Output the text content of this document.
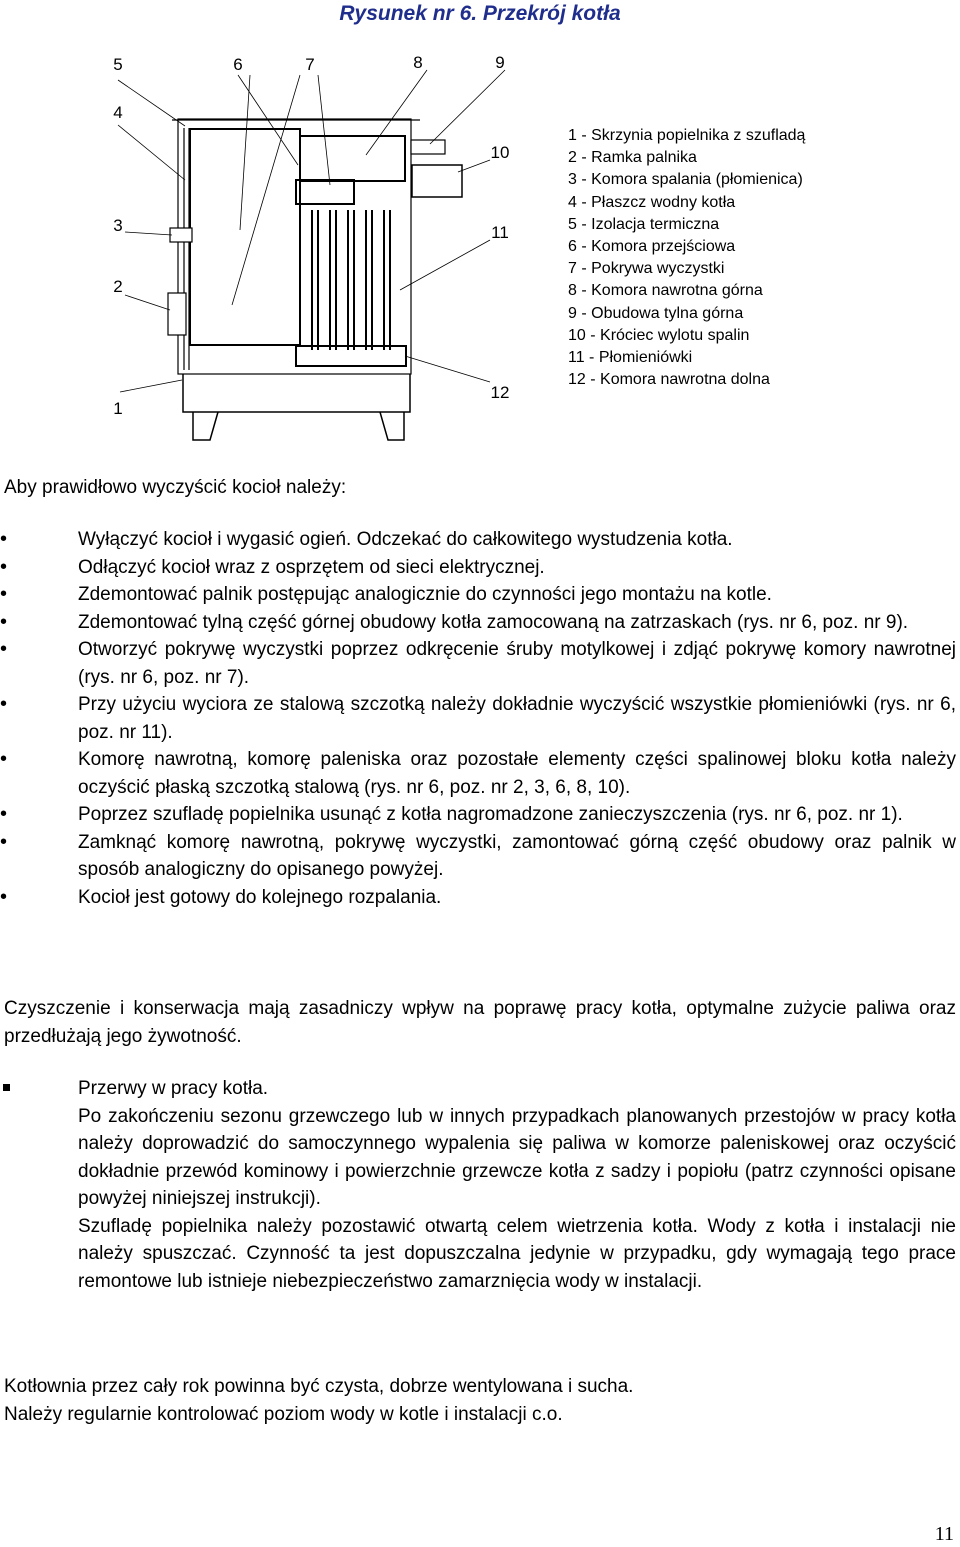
Rysunek nr 6. Przekrój kotła
5
4
3
2
1
6	7	8	9
10
11
12
1 - Skrzynia popielnika z szufladą
2 - Ramka palnika
3 - Komora spalania (płomienica)
4 - Płaszcz wodny kotła
5 - Izolacja termiczna
6 - Komora przejściowa
7 - Pokrywa wyczystki
8 - Komora nawrotna górna
9 - Obudowa tylna górna
10 - Króciec wylotu spalin
11 - Płomieniówki
12 - Komora nawrotna dolna
Aby prawidłowo wyczyścić kocioł należy:
•	Wyłączyć kocioł i wygasić ogień. Odczekać do całkowitego wystudzenia kotła.
•	Odłączyć kocioł wraz z osprzętem od sieci elektrycznej.
•	Zdemontować palnik postępując analogicznie do czynności jego montażu na kotle.
•	Zdemontować tylną część górnej obudowy kotła zamocowaną na zatrzaskach (rys. nr 6, poz. nr 9).
•	Otworzyć pokrywę wyczystki poprzez odkręcenie śruby motylkowej i zdjąć pokrywę komory nawrotnej (rys. nr 6, poz. nr 7).
•	Przy użyciu wyciora ze stalową szczotką należy dokładnie wyczyścić wszystkie płomieniówki (rys. nr 6, poz. nr 11).
•	Komorę nawrotną, komorę paleniska oraz pozostałe elementy części spalinowej bloku kotła należy oczyścić płaską szczotką stalową (rys. nr 6, poz. nr 2, 3, 6, 8, 10).
•	Poprzez szufladę popielnika usunąć z kotła nagromadzone zanieczyszczenia (rys. nr 6, poz. nr 1).
•	Zamknąć komorę nawrotną, pokrywę wyczystki, zamontować górną część obudowy oraz palnik w sposób analogiczny do opisanego powyżej.
•	Kocioł jest gotowy do kolejnego rozpalania.
Czyszczenie i konserwacja mają zasadniczy wpływ na poprawę pracy kotła, optymalne zużycie paliwa oraz przedłużają jego żywotność.
Przerwy w pracy kotła.
Po zakończeniu sezonu grzewczego lub w innych przypadkach planowanych przestojów w pracy kotła należy doprowadzić do samoczynnego wypalenia się paliwa w komorze paleniskowej oraz oczyścić dokładnie przewód kominowy i powierzchnie grzewcze kotła z sadzy i popiołu (patrz czynności opisane powyżej niniejszej instrukcji).
Szufladę popielnika należy pozostawić otwartą celem wietrzenia kotła. Wody z kotła i instalacji nie należy spuszczać. Czynność ta jest dopuszczalna jedynie w przypadku, gdy wymagają tego prace remontowe lub istnieje niebezpieczeństwo zamarznięcia wody w instalacji.
Kotłownia przez cały rok powinna być czysta, dobrze wentylowana i sucha.
Należy regularnie kontrolować poziom wody w kotle i instalacji c.o.
11
